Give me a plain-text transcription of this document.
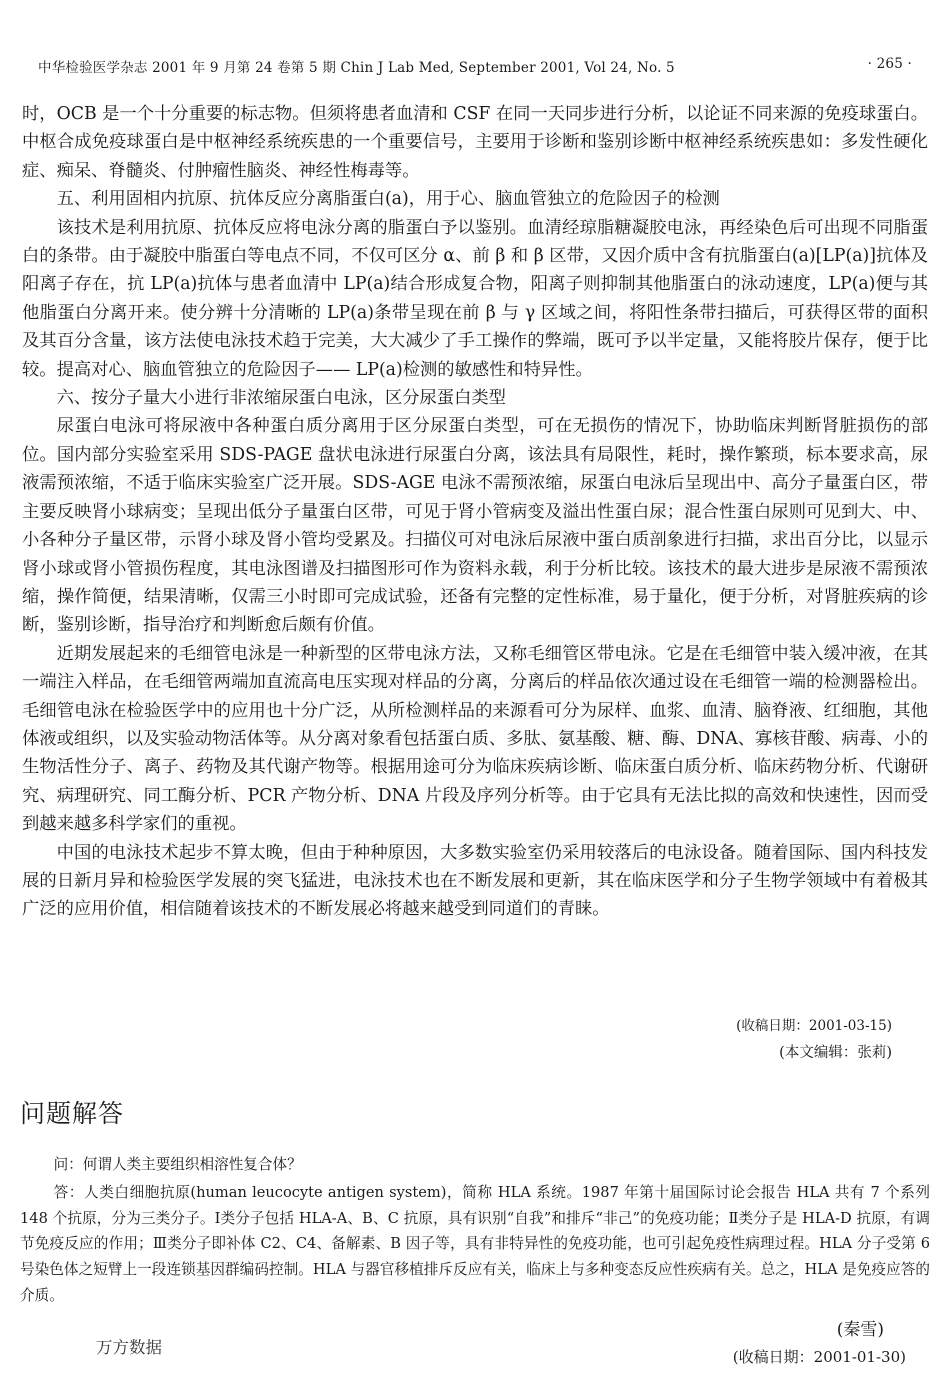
中华检验医学杂志 2001 年 9 月第 24 卷第 5 期 Chin J Lab Med, September 2001, Vol 24, No. 5	· 265 ·

时，OCB 是一个十分重要的标志物。但须将患者血清和 CSF 在同一天同步进行分析，以论证不同来源的免疫球蛋白。中枢合成免疫球蛋白是中枢神经系统疾患的一个重要信号，主要用于诊断和鉴别诊断中枢神经系统疾患如：多发性硬化症、痴呆、脊髓炎、付肿瘤性脑炎、神经性梅毒等。

五、利用固相内抗原、抗体反应分离脂蛋白(a)，用于心、脑血管独立的危险因子的检测

该技术是利用抗原、抗体反应将电泳分离的脂蛋白予以鉴别。血清经琼脂糖凝胶电泳，再经染色后可出现不同脂蛋白的条带。由于凝胶中脂蛋白等电点不同，不仅可区分 α、前 β 和 β 区带，又因介质中含有抗脂蛋白(a)[LP(a)]抗体及阳离子存在，抗 LP(a)抗体与患者血清中 LP(a)结合形成复合物，阳离子则抑制其他脂蛋白的泳动速度，LP(a)便与其他脂蛋白分离开来。使分辨十分清晰的 LP(a)条带呈现在前 β 与 γ 区域之间，将阳性条带扫描后，可获得区带的面积及其百分含量，该方法使电泳技术趋于完美，大大减少了手工操作的弊端，既可予以半定量，又能将胶片保存，便于比较。提高对心、脑血管独立的危险因子—— LP(a)检测的敏感性和特异性。

六、按分子量大小进行非浓缩尿蛋白电泳，区分尿蛋白类型

尿蛋白电泳可将尿液中各种蛋白质分离用于区分尿蛋白类型，可在无损伤的情况下，协助临床判断肾脏损伤的部位。国内部分实验室采用 SDS-PAGE 盘状电泳进行尿蛋白分离，该法具有局限性，耗时，操作繁琐，标本要求高，尿液需预浓缩，不适于临床实验室广泛开展。SDS-AGE 电泳不需预浓缩，尿蛋白电泳后呈现出中、高分子量蛋白区，带主要反映肾小球病变；呈现出低分子量蛋白区带，可见于肾小管病变及溢出性蛋白尿；混合性蛋白尿则可见到大、中、小各种分子量区带，示肾小球及肾小管均受累及。扫描仪可对电泳后尿液中蛋白质剖象进行扫描，求出百分比，以显示肾小球或肾小管损伤程度，其电泳图谱及扫描图形可作为资料永载，利于分析比较。该技术的最大进步是尿液不需预浓缩，操作简便，结果清晰，仅需三小时即可完成试验，还备有完整的定性标准，易于量化，便于分析，对肾脏疾病的诊断，鉴别诊断，指导治疗和判断愈后颇有价值。

近期发展起来的毛细管电泳是一种新型的区带电泳方法，又称毛细管区带电泳。它是在毛细管中装入缓冲液，在其一端注入样品，在毛细管两端加直流高电压实现对样品的分离，分离后的样品依次通过设在毛细管一端的检测器检出。毛细管电泳在检验医学中的应用也十分广泛，从所检测样品的来源看可分为尿样、血浆、血清、脑脊液、红细胞，其他体液或组织，以及实验动物活体等。从分离对象看包括蛋白质、多肽、氨基酸、糖、酶、DNA、寡核苷酸、病毒、小的生物活性分子、离子、药物及其代谢产物等。根据用途可分为临床疾病诊断、临床蛋白质分析、临床药物分析、代谢研究、病理研究、同工酶分析、PCR 产物分析、DNA 片段及序列分析等。由于它具有无法比拟的高效和快速性，因而受到越来越多科学家们的重视。

中国的电泳技术起步不算太晚，但由于种种原因，大多数实验室仍采用较落后的电泳设备。随着国际、国内科技发展的日新月异和检验医学发展的突飞猛进，电泳技术也在不断发展和更新，其在临床医学和分子生物学领域中有着极其广泛的应用价值，相信随着该技术的不断发展必将越来越受到同道们的青睐。

(收稿日期：2001-03-15)
(本文编辑：张莉)
问题解答

问：何谓人类主要组织相溶性复合体？

答：人类白细胞抗原(human leucocyte antigen system)，简称 HLA 系统。1987 年第十届国际讨论会报告 HLA 共有 7 个系列 148 个抗原，分为三类分子。Ⅰ类分子包括 HLA-A、B、C 抗原，具有识别“自我”和排斥“非己”的免疫功能；Ⅱ类分子是 HLA-D 抗原，有调节免疫反应的作用；Ⅲ类分子即补体 C2、C4、备解素、B 因子等，具有非特异性的免疫功能，也可引起免疫性病理过程。HLA 分子受第 6 号染色体之短臂上一段连锁基因群编码控制。HLA 与器官移植排斥反应有关，临床上与多种变态反应性疾病有关。总之，HLA 是免疫应答的介质。

(秦雪)
万方数据	(收稿日期：2001-01-30)
